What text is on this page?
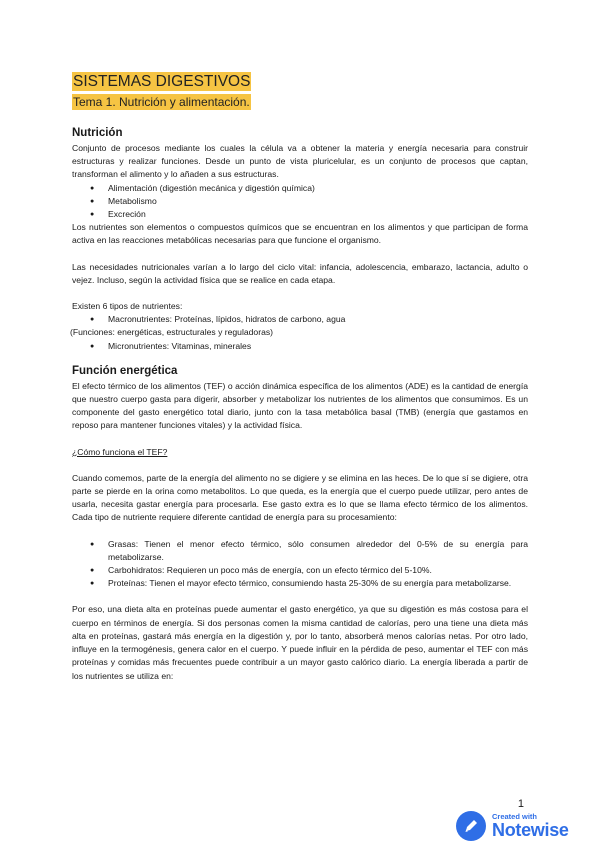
SISTEMAS DIGESTIVOS
Tema 1. Nutrición y alimentación.
Nutrición

Conjunto de procesos mediante los cuales la célula va a obtener la materia y energía necesaria para construir estructuras y realizar funciones. Desde un punto de vista pluricelular, es un conjunto de procesos que captan, transforman el alimento y lo añaden a sus estructuras.

● Alimentación (digestión mecánica y digestión química)
● Metabolismo
● Excreción

Los nutrientes son elementos o compuestos químicos que se encuentran en los alimentos y que participan de forma activa en las reacciones metabólicas necesarias para que funcione el organismo.

Las necesidades nutricionales varían a lo largo del ciclo vital: infancia, adolescencia, embarazo, lactancia, adulto o vejez. Incluso, según la actividad física que se realice en cada etapa.

Existen 6 tipos de nutrientes:

● Macronutrientes: Proteínas, lípidos, hidratos de carbono, agua

(Funciones: energéticas, estructurales y reguladoras)

● Micronutrientes: Vitaminas, minerales
Función energética

El efecto térmico de los alimentos (TEF) o acción dinámica específica de los alimentos (ADE) es la cantidad de energía que nuestro cuerpo gasta para digerir, absorber y metabolizar los nutrientes de los alimentos que consumimos. Es un componente del gasto energético total diario, junto con la tasa metabólica basal (TMB) (energía que gastamos en reposo para mantener funciones vitales) y la actividad física.

¿Cómo funciona el TEF?

Cuando comemos, parte de la energía del alimento no se digiere y se elimina en las heces. De lo que sí se digiere, otra parte se pierde en la orina como metabolitos. Lo que queda, es la energía que el cuerpo puede utilizar, pero antes de usarla, necesita gastar energía para procesarla. Ese gasto extra es lo que se llama efecto térmico de los alimentos. Cada tipo de nutriente requiere diferente cantidad de energía para su procesamiento:

● Grasas: Tienen el menor efecto térmico, sólo consumen alrededor del 0-5% de su energía para metabolizarse.
● Carbohidratos: Requieren un poco más de energía, con un efecto térmico del 5-10%.
● Proteínas: Tienen el mayor efecto térmico, consumiendo hasta 25-30% de su energía para metabolizarse.

Por eso, una dieta alta en proteínas puede aumentar el gasto energético, ya que su digestión es más costosa para el cuerpo en términos de energía. Si dos personas comen la misma cantidad de calorías, pero una tiene una dieta más alta en proteínas, gastará más energía en la digestión y, por lo tanto, absorberá menos calorías netas. Por otro lado, influye en la termogénesis, genera calor en el cuerpo. Y puede influir en la pérdida de peso, aumentar el TEF con más proteínas y comidas más frecuentes puede contribuir a un mayor gasto calórico diario. La energía liberada a partir de los nutrientes se utiliza en:

1
Created with
Notewise
